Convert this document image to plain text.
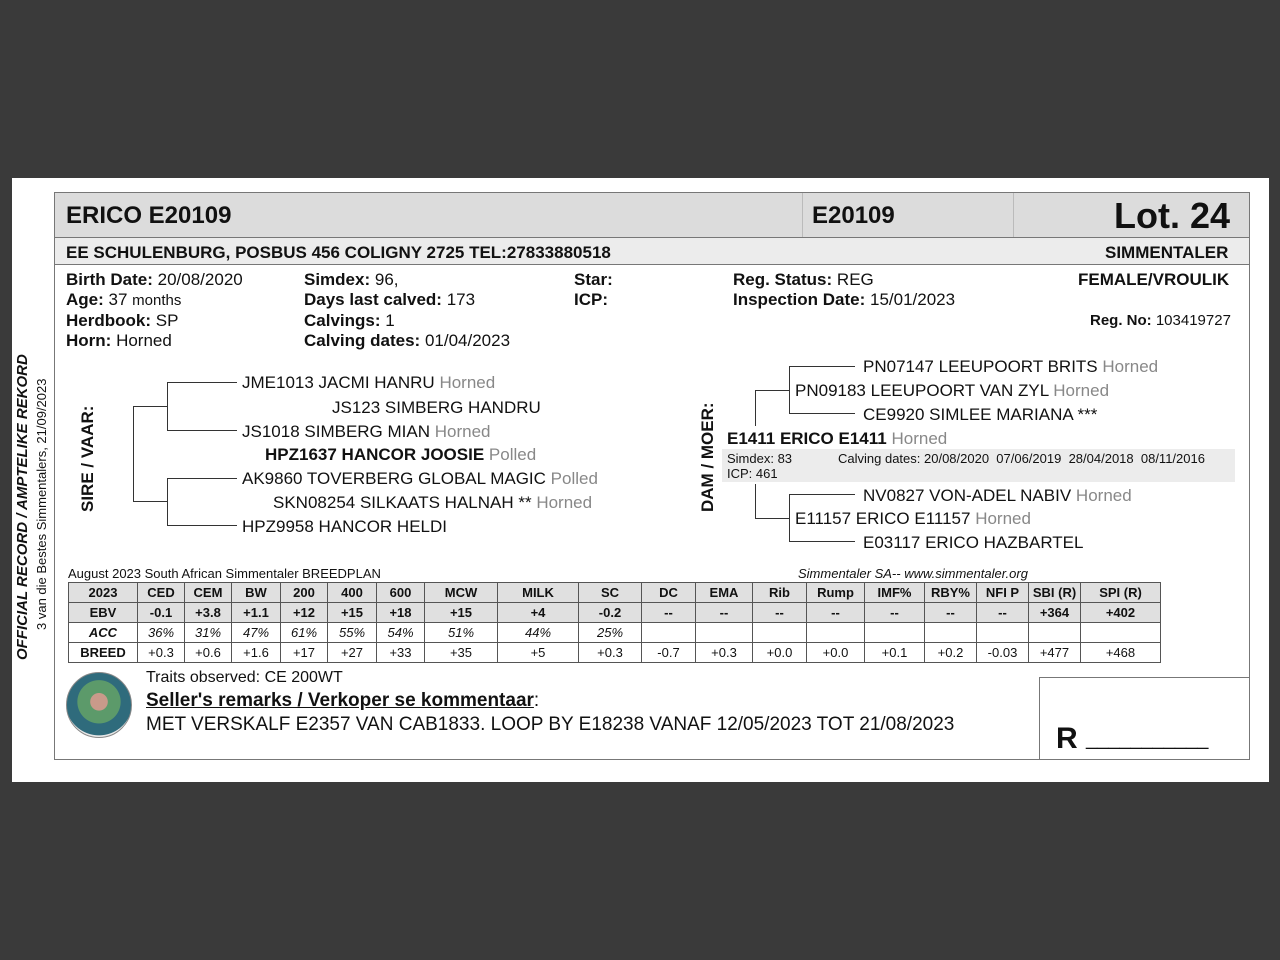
OFFICIAL RECORD / AMPTELIKE REKORD 3 van die Bestes Simmentalers, 21/09/2023
ERICO E20109	E20109	Lot. 24
EE SCHULENBURG, POSBUS 456 COLIGNY 2725 TEL:27833880518	SIMMENTALER
Birth Date: 20/08/2020
Age: 37 months
Herdbook: SP
Horn: Horned
Simdex: 96,
Days last calved: 173
Calvings: 1
Calving dates: 01/04/2023
Star:
ICP:
Reg. Status: REG
Inspection Date: 15/01/2023
FEMALE/VROULIK
Reg. No: 103419727
SIRE / VAAR:
JME1013 JACMI HANRU Horned
JS123 SIMBERG HANDRU
JS1018 SIMBERG MIAN Horned
HPZ1637 HANCOR JOOSIE Polled
AK9860 TOVERBERG GLOBAL MAGIC Polled
SKN08254 SILKAATS HALNAH ** Horned
HPZ9958 HANCOR HELDI
DAM / MOER:
PN07147 LEEUPOORT BRITS Horned
PN09183 LEEUPOORT VAN ZYL Horned
CE9920 SIMLEE MARIANA ***
E1411 ERICO E1411 Horned
Simdex: 83	Calving dates: 20/08/2020  07/06/2019  28/04/2018  08/11/2016
ICP: 461
NV0827 VON-ADEL NABIV Horned
E11157 ERICO E11157 Horned
E03117 ERICO HAZBARTEL
August 2023 South African Simmentaler BREEDPLAN	Simmentaler SA-- www.simmentaler.org
2023	CED	CEM	BW	200	400	600	MCW	MILK	SC	DC	EMA	Rib	Rump	IMF%	RBY%	NFI P	SBI (R)	SPI (R)
EBV	-0.1	+3.8	+1.1	+12	+15	+18	+15	+4	-0.2	--	--	--	--	--	--	--	+364	+402
ACC	36%	31%	47%	61%	55%	54%	51%	44%	25%									
BREED	+0.3	+0.6	+1.6	+17	+27	+33	+35	+5	+0.3	-0.7	+0.3	+0.0	+0.0	+0.1	+0.2	-0.03	+477	+468
Traits observed: CE 200WT
Seller's remarks / Verkoper se kommentaar:
MET VERSKALF E2357 VAN CAB1833. LOOP BY E18238 VANAF 12/05/2023 TOT 21/08/2023	R ___________
